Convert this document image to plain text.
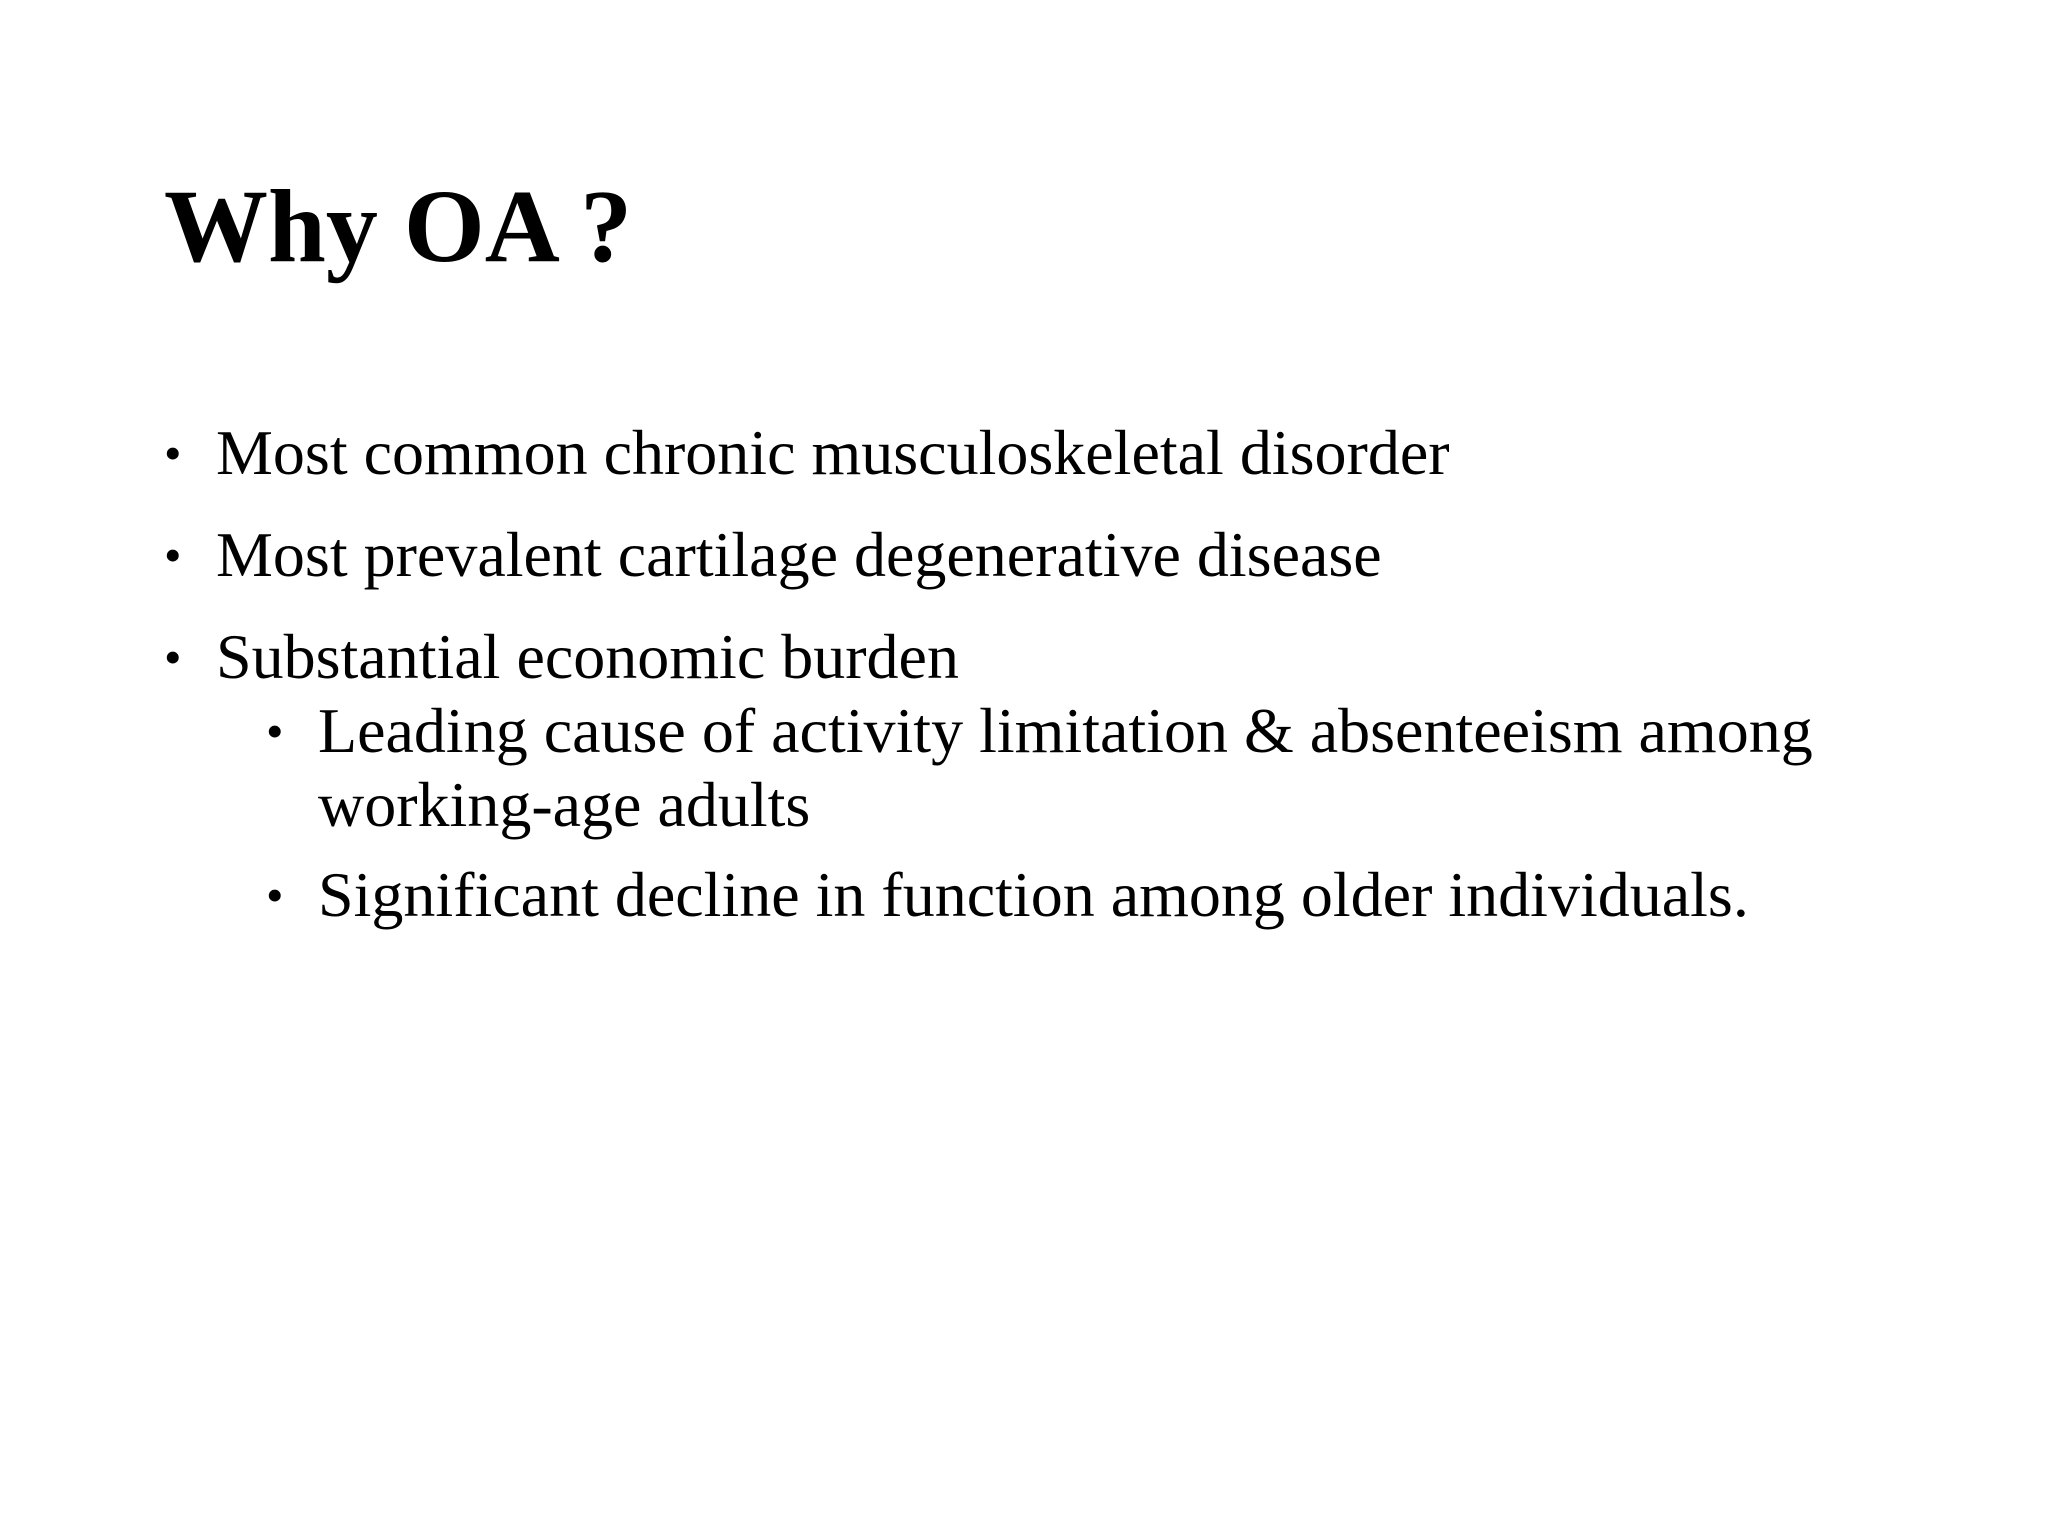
Why OA ?
• Most common chronic musculoskeletal disorder
• Most prevalent cartilage degenerative disease
• Substantial economic burden
• Leading cause of activity limitation & absenteeism among working-age adults
• Significant decline in function among older individuals.
